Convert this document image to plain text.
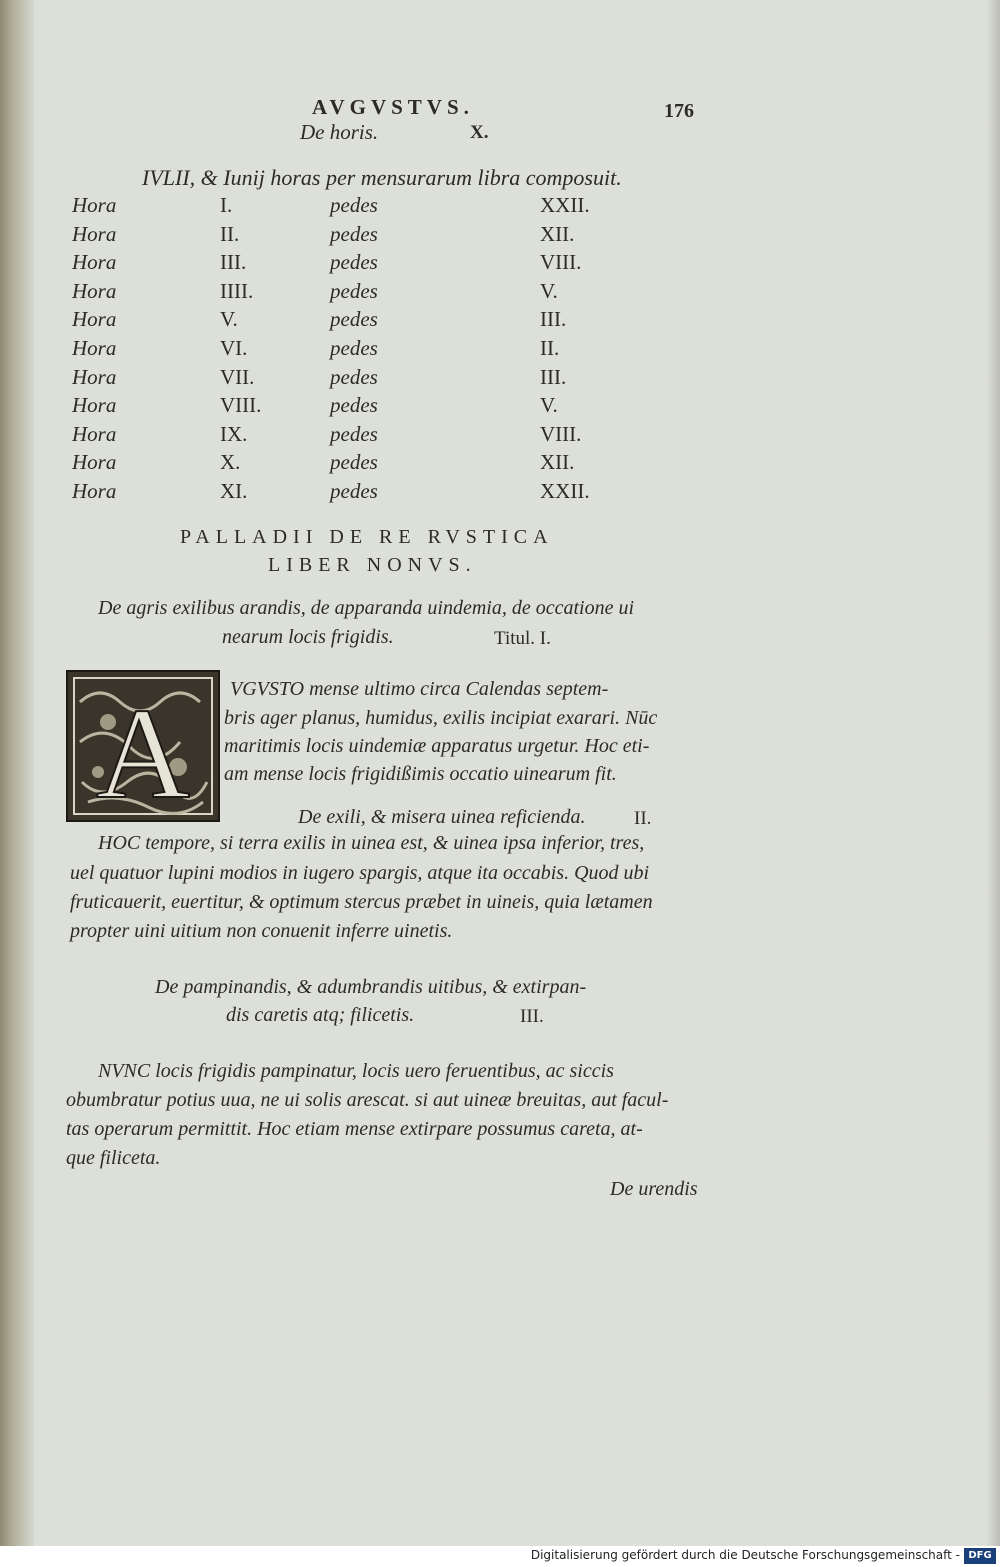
AVGVSTVS.	176
De horis.	X.
IVLII, & Iunij horas per mensurarum libra composuit.
Hora	I.	pedes	XXII.
Hora	II.	pedes	XII.
Hora	III.	pedes	VIII.
Hora	IIII.	pedes	V.
Hora	V.	pedes	III.
Hora	VI.	pedes	II.
Hora	VII.	pedes	III.
Hora	VIII.	pedes	V.
Hora	IX.	pedes	VIII.
Hora	X.	pedes	XII.
Hora	XI.	pedes	XXII.
PALLADII DE RE RVSTICA
LIBER NONVS.
De agris exilibus arandis, de apparanda uindemia, de occatione ui
nearum locis frigidis.	Titul. I.
A VGVSTO mense ultimo circa Calendas septem-
bris ager planus, humidus, exilis incipiat exarari. Nūc
maritimis locis uindemiæ apparatus urgetur. Hoc eti-
am mense locis frigidißimis occatio uinearum fit.
De exili, & misera uinea reficienda.	II.
HOC tempore, si terra exilis in uinea est, & uinea ipsa inferior, tres,
uel quatuor lupini modios in iugero spargis, atque ita occabis. Quod ubi
fruticauerit, euertitur, & optimum stercus præbet in uineis, quia lætamen
propter uini uitium non conuenit inferre uinetis.
De pampinandis, & adumbrandis uitibus, & extirpan-
dis caretis atq; filicetis.	III.
NVNC locis frigidis pampinatur, locis uero feruentibus, ac siccis
obumbratur potius uua, ne ui solis arescat. si aut uineæ breuitas, aut facul-
tas operarum permittit. Hoc etiam mense extirpare possumus careta, at-
que filiceta.
De urendis
Digitalisierung gefördert durch die Deutsche Forschungsgemeinschaft - DFG
